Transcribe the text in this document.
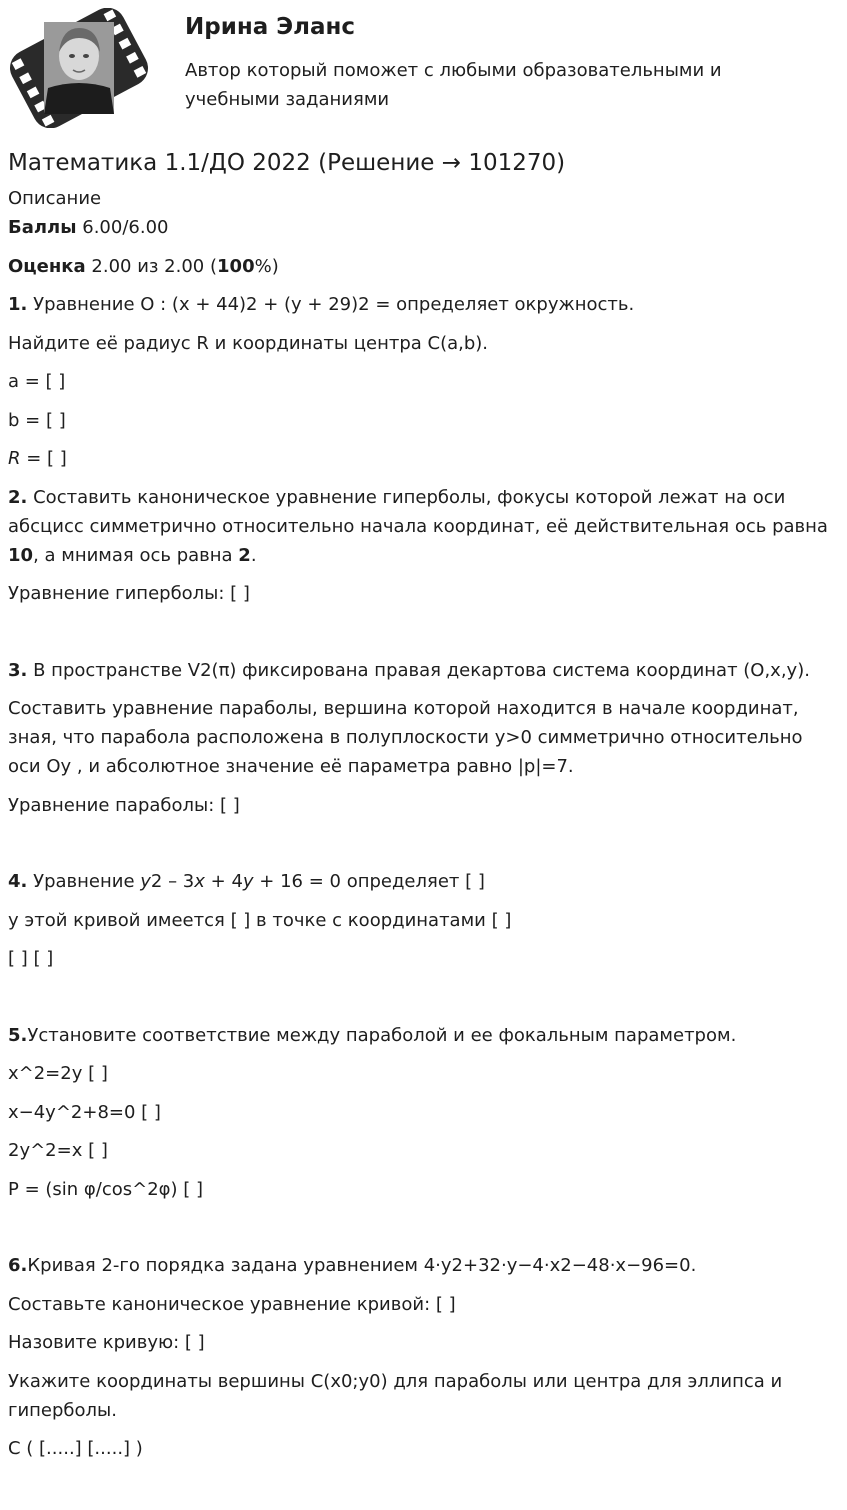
Ирина Эланс
Автор который поможет с любыми образовательными и учебными заданиями
Математика 1.1/ДО 2022 (Решение → 101270)

Описание

Баллы 6.00/6.00

Оценка 2.00 из 2.00 (100%)

1. Уравнение O : (x + 44)2 + (y + 29)2 = определяет окружность.

Найдите её радиус R и координаты центра C(a,b).

a = [ ]

b = [ ]

R = [ ]

2. Составить каноническое уравнение гиперболы, фокусы которой лежат на оси абсцисс симметрично относительно начала координат, её действительная ось равна 10, а мнимая ось равна 2.

Уравнение гиперболы: [ ]

3. В пространстве V2(π) фиксирована правая декартова система координат (O,x,y).

Составить уравнение параболы, вершина которой находится в начале координат, зная, что парабола расположена в полуплоскости y>0 симметрично относительно оси Oy , и абсолютное значение её параметра равно |p|=7.

Уравнение параболы: [ ]

4. Уравнение y2 – 3x + 4y + 16 = 0 определяет [ ]

у этой кривой имеется [ ] в точке с координатами [ ]

[ ] [ ]

5.Установите соответствие между параболой и ее фокальным параметром.

x^2=2y [ ]

x−4y^2+8=0 [ ]

2y^2=x [ ]

P = (sin φ/cos^2φ) [ ]

6.Кривая 2-го порядка задана уравнением 4⋅y2+32⋅y−4⋅x2−48⋅x−96=0.

Составьте каноническое уравнение кривой: [ ]

Назовите кривую: [ ]

Укажите координаты вершины C(x0;y0) для параболы или центра для эллипса и гиперболы.

C ( [.....] [.....] )
